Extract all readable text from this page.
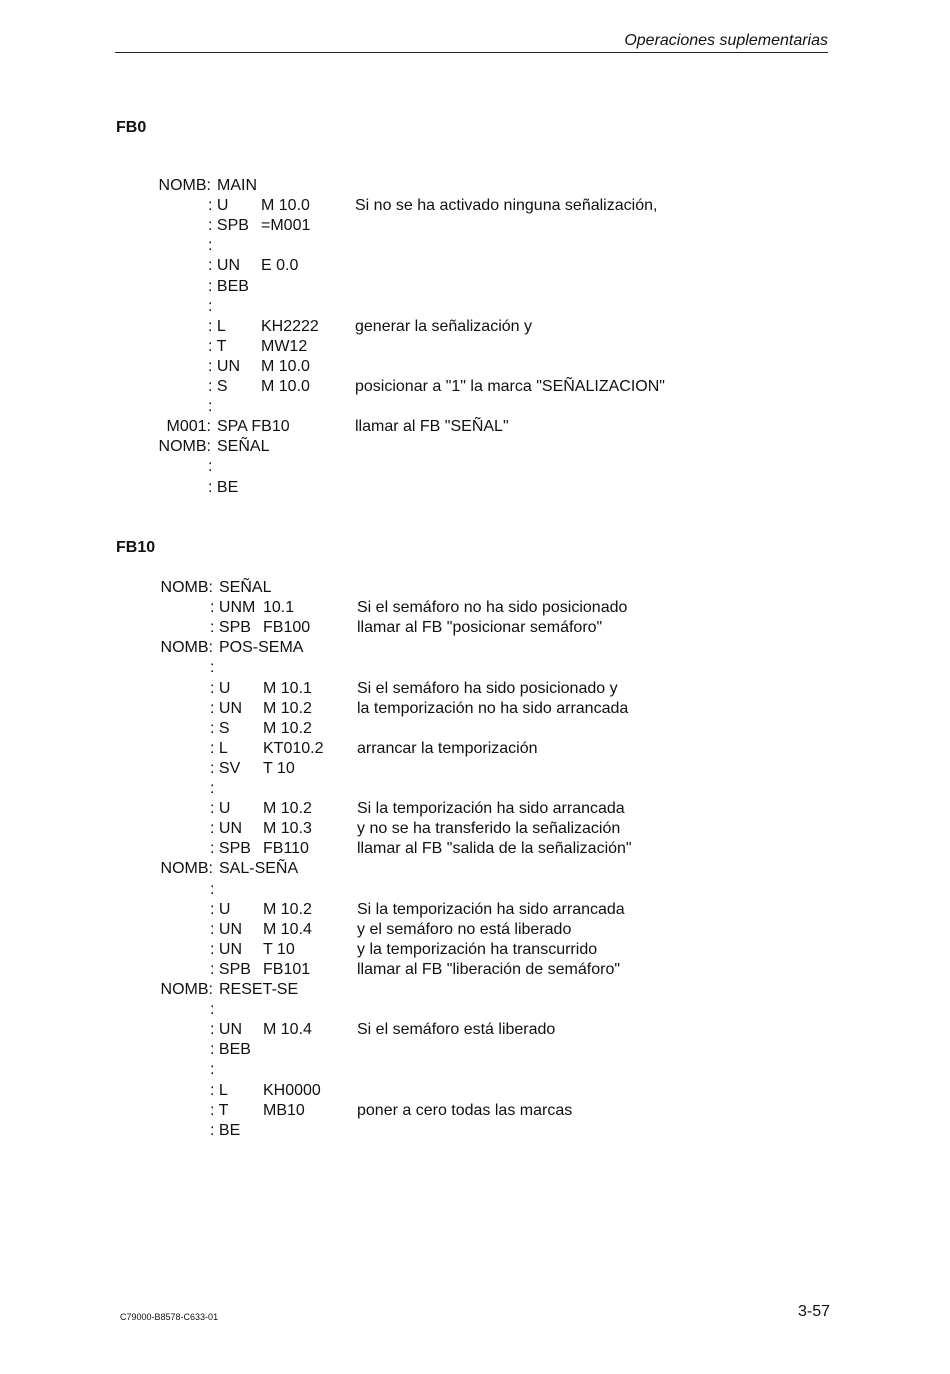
Operaciones suplementarias
FB0
NOMB: MAIN
: U M 10.0	Si no se ha activado ninguna señalización,
: SPB =M001
:
: UN E 0.0
: BEB
:
: L KH2222 generar la señalización y
: T MW12
: UN M 10.0
: S M 10.0	posicionar a "1" la marca "SEÑALIZACION"
:
M001: SPA FB10	llamar al FB "SEÑAL"
NOMB: SEÑAL
:
: BE
FB10
NOMB: SEÑAL
: UNM 10.1	Si el semáforo no ha sido posicionado
: SPB FB100	llamar al FB "posicionar semáforo"
NOMB: POS-SEMA
:
: U M 10.1	Si el semáforo ha sido posicionado y
: UN M 10.2	la temporización no ha sido arrancada
: S M 10.2
: L KT010.2 arrancar la temporización
: SV T 10
:
: U M 10.2	Si la temporización ha sido arrancada
: UN M 10.3	y no se ha transferido la señalización
: SPB FB110	llamar al FB "salida de la señalización"
NOMB: SAL-SEÑA
:
: U M 10.2	Si la temporización ha sido arrancada
: UN M 10.4	y el semáforo no está liberado
: UN T 10	y la temporización ha transcurrido
: SPB FB101	llamar al FB "liberación de semáforo"
NOMB: RESET-SE
:
: UN M 10.4	Si el semáforo está liberado
: BEB
:
: L KH0000
: T MB10	poner a cero todas las marcas
: BE
C79000-B8578-C633-01	3-57
